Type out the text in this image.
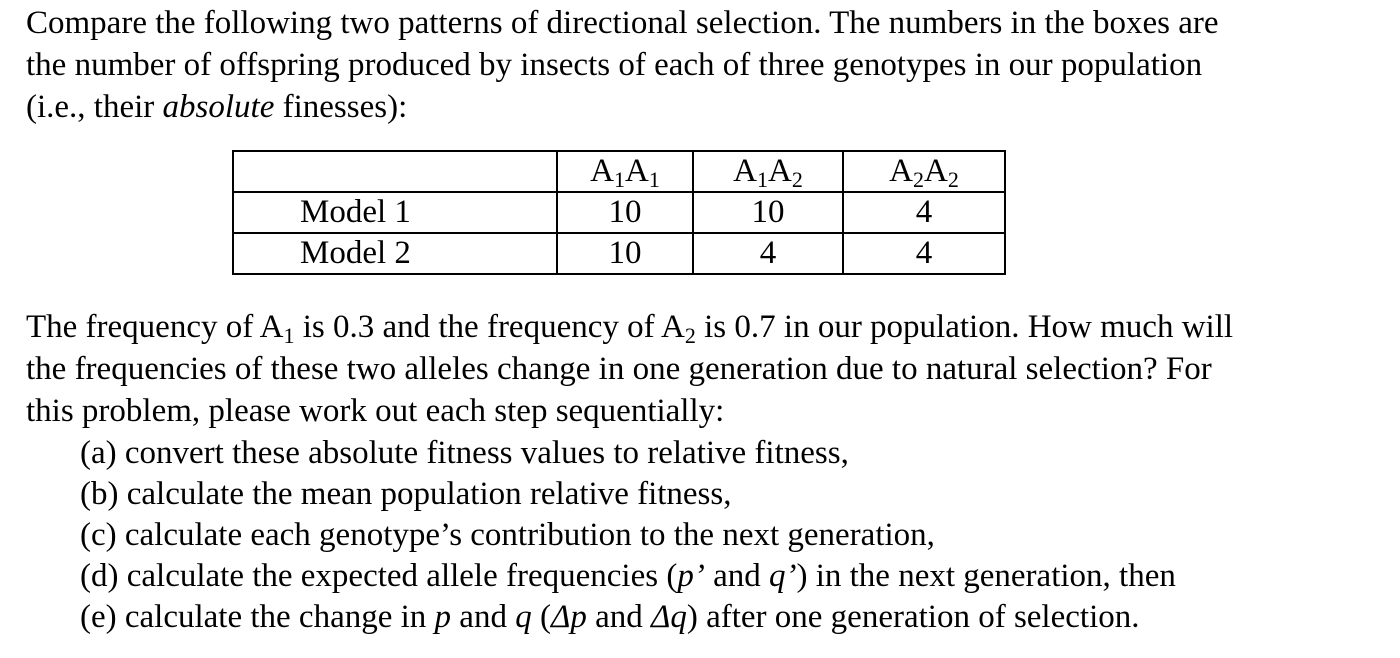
Compare the following two patterns of directional selection. The numbers in the boxes are
the number of offspring produced by insects of each of three genotypes in our population
(i.e., their absolute finesses):
	A1A1	A1A2	A2A2
Model 1	10	10	4
Model 2	10	4	4
The frequency of A1 is 0.3 and the frequency of A2 is 0.7 in our population. How much will
the frequencies of these two alleles change in one generation due to natural selection? For
this problem, please work out each step sequentially:
(a) convert these absolute fitness values to relative fitness,
(b) calculate the mean population relative fitness,
(c) calculate each genotype’s contribution to the next generation,
(d) calculate the expected allele frequencies (p’ and q’) in the next generation, then
(e) calculate the change in p and q (Δp and Δq) after one generation of selection.
